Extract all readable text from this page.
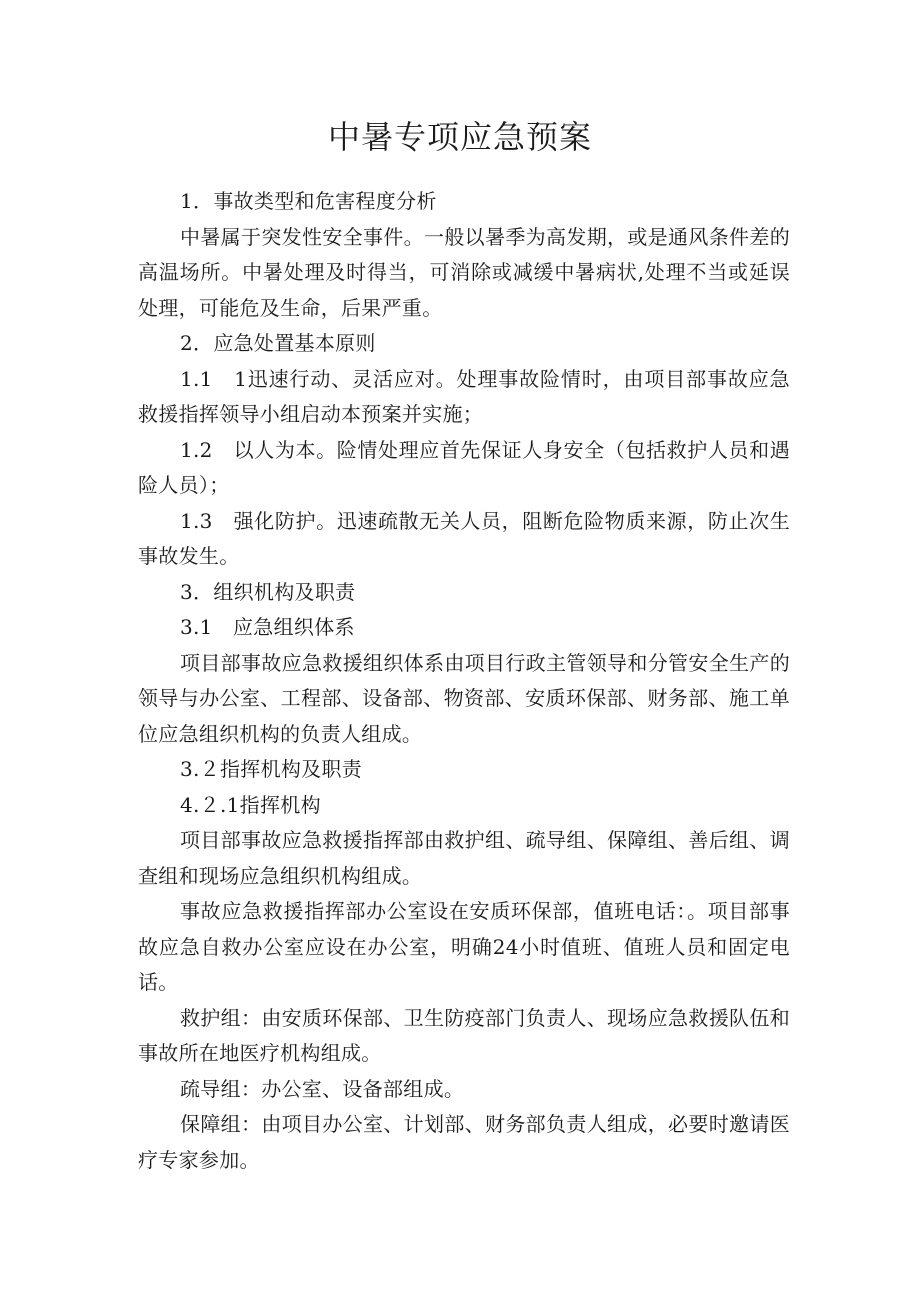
中暑专项应急预案

1．事故类型和危害程度分析

中暑属于突发性安全事件。一般以暑季为高发期，或是通风条件差的高温场所。中暑处理及时得当，可消除或减缓中暑病状,处理不当或延误处理，可能危及生命，后果严重。

2．应急处置基本原则

1.1　1迅速行动、灵活应对。处理事故险情时，由项目部事故应急救援指挥领导小组启动本预案并实施；

1.2　以人为本。险情处理应首先保证人身安全（包括救护人员和遇险人员）；

1.3　强化防护。迅速疏散无关人员，阻断危险物质来源，防止次生事故发生。

3．组织机构及职责

3.1　应急组织体系

项目部事故应急救援组织体系由项目行政主管领导和分管安全生产的领导与办公室、工程部、设备部、物资部、安质环保部、财务部、施工单位应急组织机构的负责人组成。

3.２指挥机构及职责

4.２.1指挥机构

项目部事故应急救援指挥部由救护组、疏导组、保障组、善后组、调查组和现场应急组织机构组成。

事故应急救援指挥部办公室设在安质环保部，值班电话：。项目部事故应急自救办公室应设在办公室，明确24小时值班、值班人员和固定电话。

救护组：由安质环保部、卫生防疫部门负责人、现场应急救援队伍和事故所在地医疗机构组成。

疏导组：办公室、设备部组成。

保障组：由项目办公室、计划部、财务部负责人组成，必要时邀请医疗专家参加。
